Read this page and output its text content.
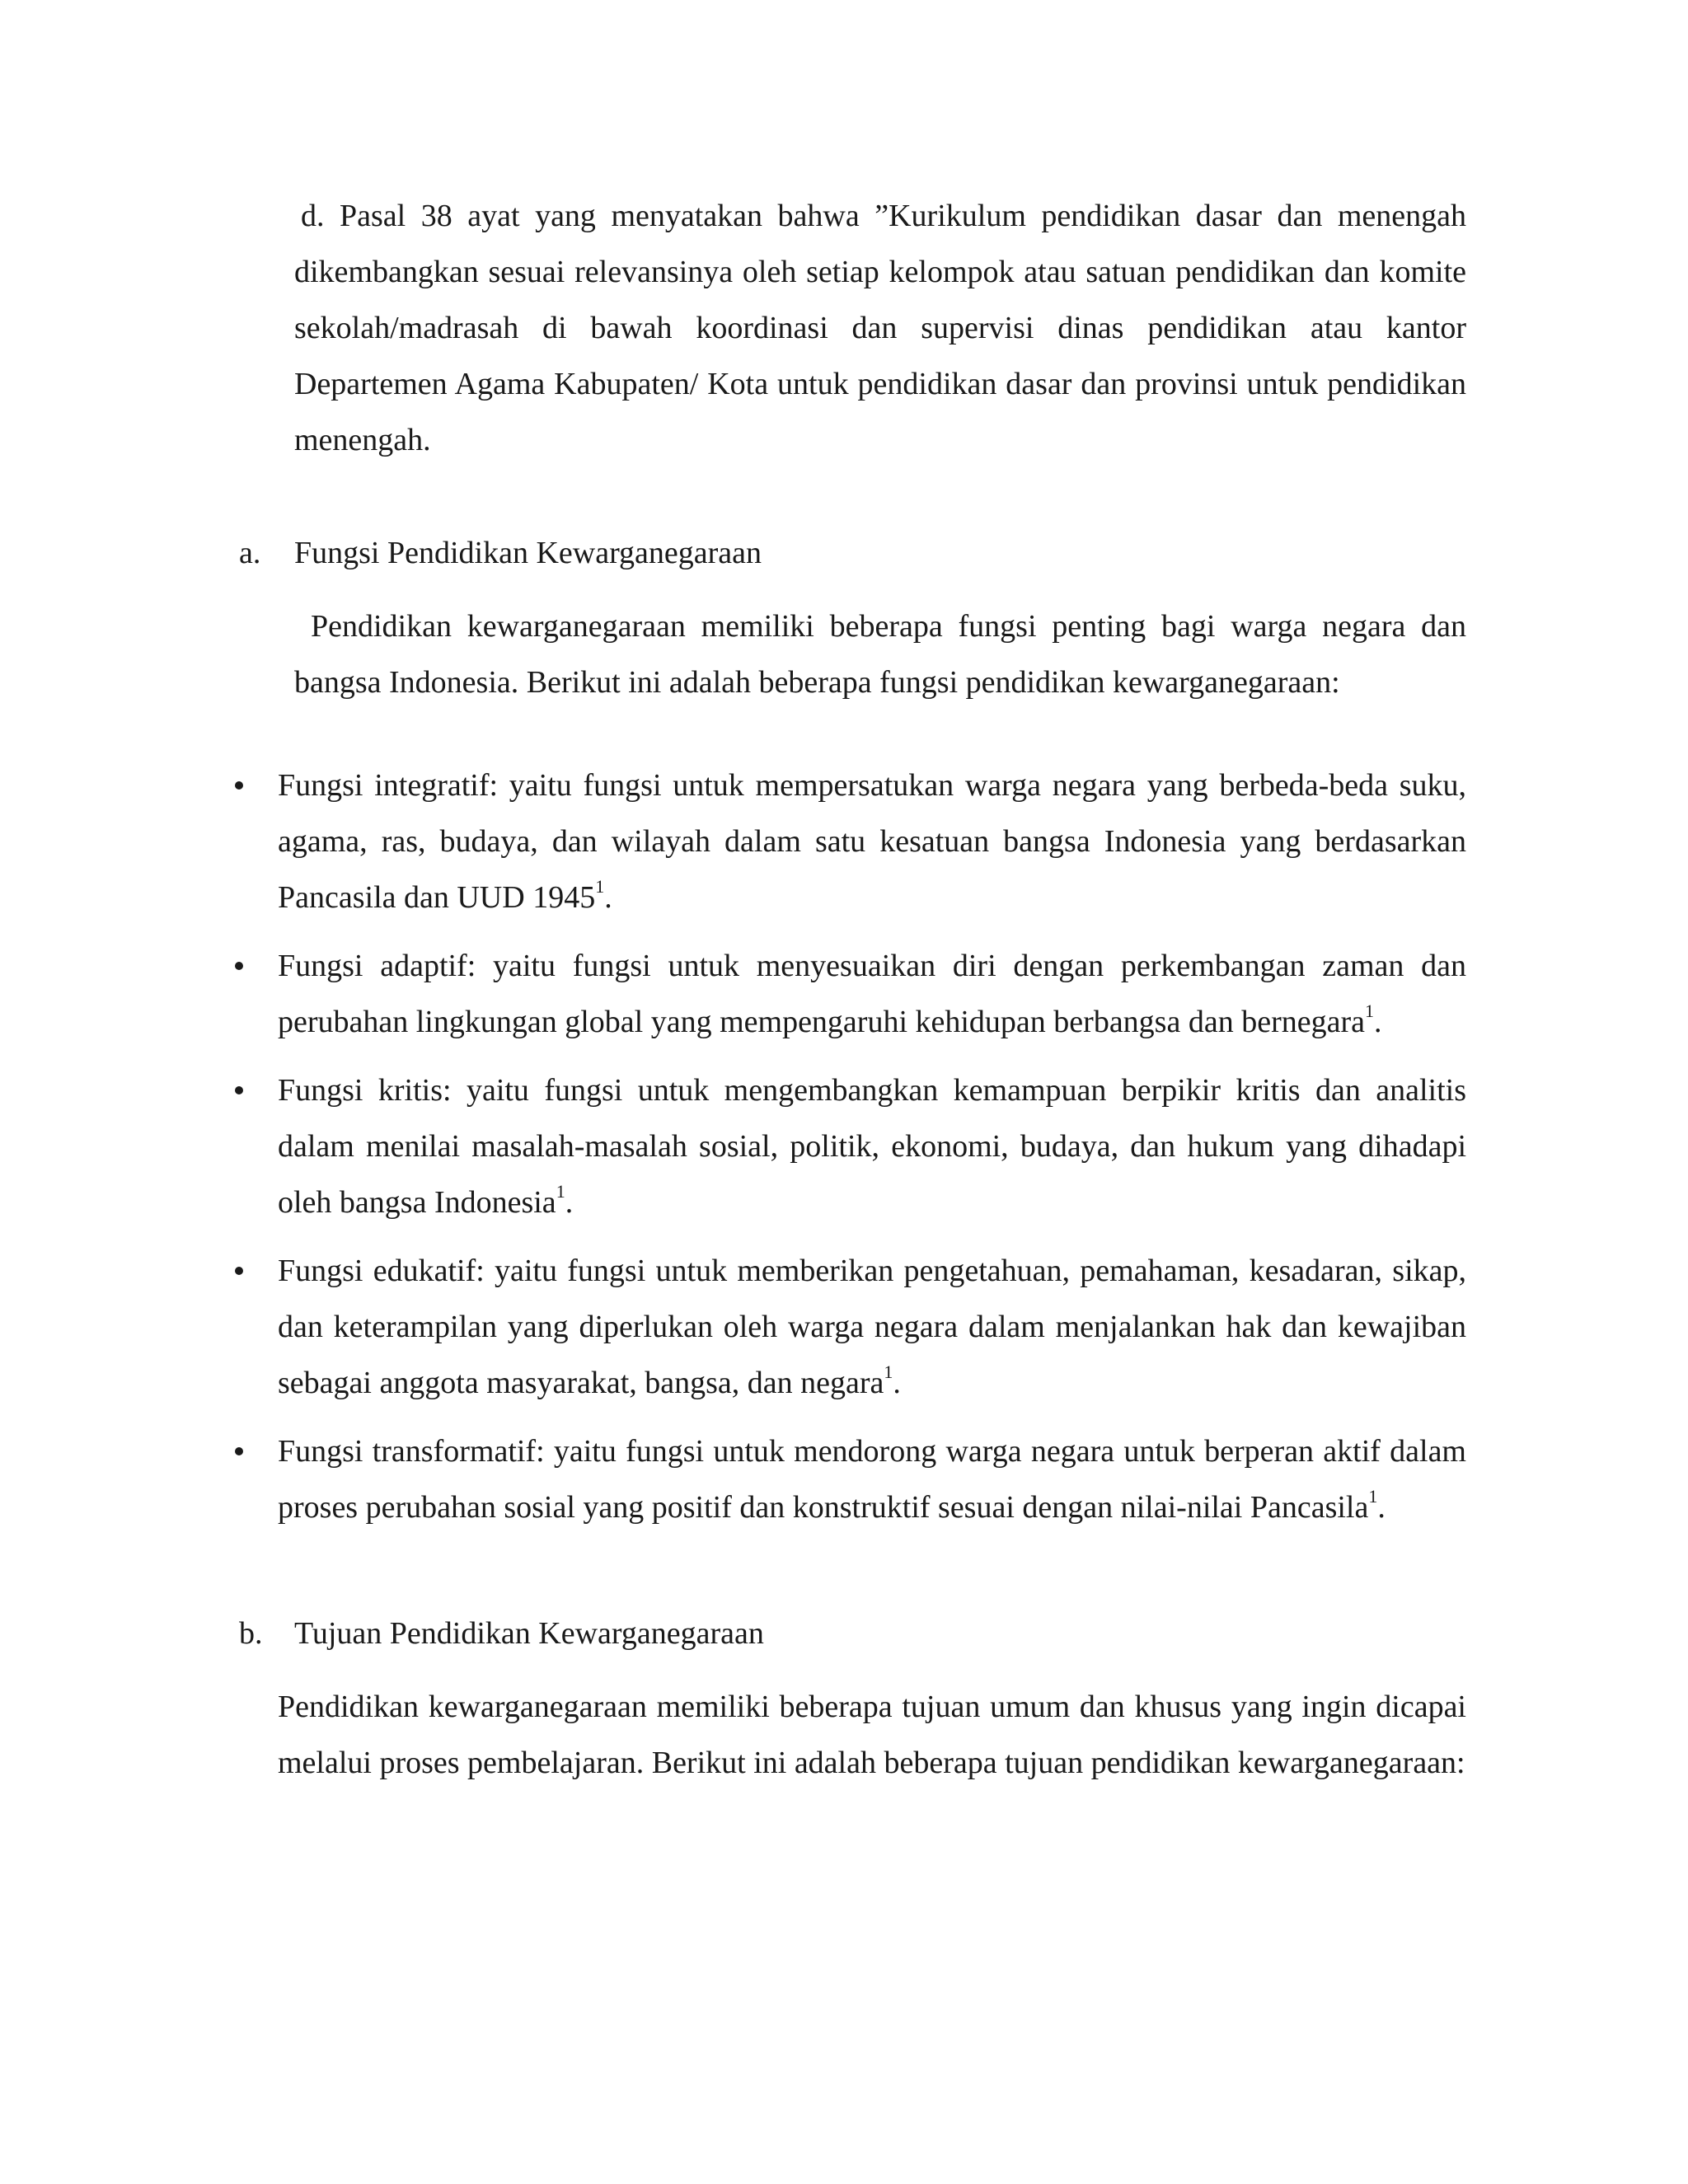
d. Pasal 38 ayat yang menyatakan bahwa ”Kurikulum pendidikan dasar dan menengah dikembangkan sesuai relevansinya oleh setiap kelompok atau satuan pendidikan dan komite sekolah/madrasah di bawah koordinasi dan supervisi dinas pendidikan atau kantor Departemen Agama Kabupaten/ Kota untuk pendidikan dasar dan provinsi untuk pendidikan menengah.

a. Fungsi Pendidikan Kewarganegaraan

Pendidikan kewarganegaraan memiliki beberapa fungsi penting bagi warga negara dan bangsa Indonesia. Berikut ini adalah beberapa fungsi pendidikan kewarganegaraan:

Fungsi integratif: yaitu fungsi untuk mempersatukan warga negara yang berbeda-beda suku, agama, ras, budaya, dan wilayah dalam satu kesatuan bangsa Indonesia yang berdasarkan Pancasila dan UUD 1945$^1$.

Fungsi adaptif: yaitu fungsi untuk menyesuaikan diri dengan perkembangan zaman dan perubahan lingkungan global yang mempengaruhi kehidupan berbangsa dan bernegara$^1$.

Fungsi kritis: yaitu fungsi untuk mengembangkan kemampuan berpikir kritis dan analitis dalam menilai masalah-masalah sosial, politik, ekonomi, budaya, dan hukum yang dihadapi oleh bangsa Indonesia$^1$.

Fungsi edukatif: yaitu fungsi untuk memberikan pengetahuan, pemahaman, kesadaran, sikap, dan keterampilan yang diperlukan oleh warga negara dalam menjalankan hak dan kewajiban sebagai anggota masyarakat, bangsa, dan negara$^1$.

Fungsi transformatif: yaitu fungsi untuk mendorong warga negara untuk berperan aktif dalam proses perubahan sosial yang positif dan konstruktif sesuai dengan nilai-nilai Pancasila$^1$.

b. Tujuan Pendidikan Kewarganegaraan

Pendidikan kewarganegaraan memiliki beberapa tujuan umum dan khusus yang ingin dicapai melalui proses pembelajaran. Berikut ini adalah beberapa tujuan pendidikan kewarganegaraan:
